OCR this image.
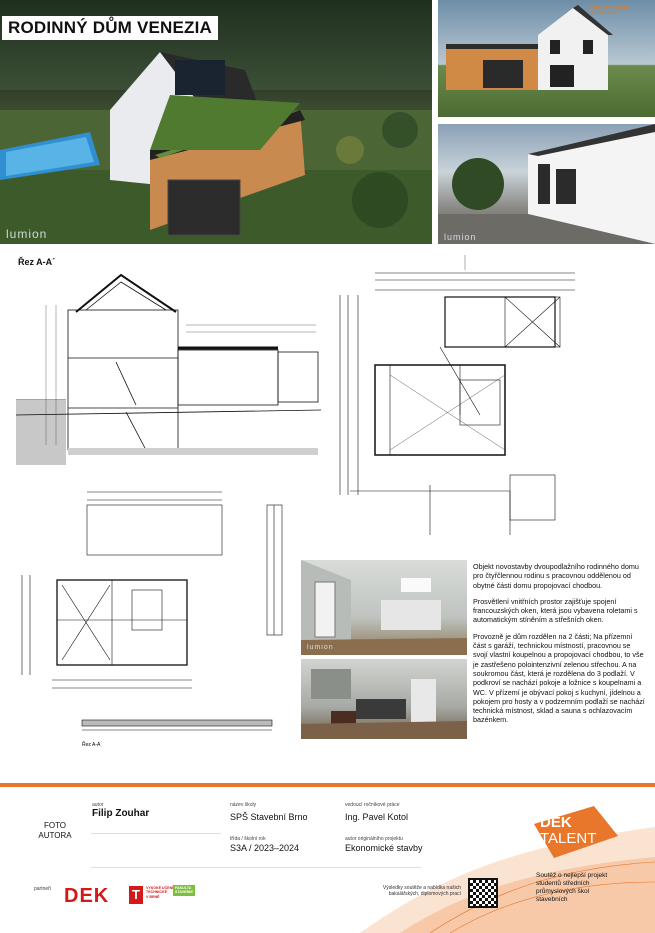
RODINNÝ DŮM VENEZIA
lumion
VÝUKOVÁ VERZE ARCHICADU
lumion
Řez A-A´
Řez A-A´
lumion

Objekt novostavby dvoupodlažního rodinného domu pro čtyřčlennou rodinu s pracovnou oddělenou od obytné části domu propojovací chodbou.

Prosvětlení vnitřních prostor zajišťuje spojení francouzských oken, která jsou vybavena roletami s automatickým stíněním a střešních oken.

Provozně je dům rozdělen na 2 části; Na přízemní část s garáží, technickou místností, pracovnou se svojí vlastní koupelnou a propojovací chodbou, to vše je zastřešeno polointenzivní zelenou střechou. A na soukromou část, která je rozdělena do 3 podlaží. V podkroví se nachází pokoje a ložnice s koupelnami a WC. V přízemí je obývací pokoj s kuchyní, jídelnou a pokojem pro hosty a v podzemním podlaží se nachází technická místnost, sklad a sauna s ochlazovacím bazénkem.

FOTO AUTORA
autor
Filip Zouhar
název školy
SPŠ Stavební Brno
třída / školní rok
S3A / 2023–2024
vedoucí ročníkové práce
Ing. Pavel Kotol
autor originálního projektu
Ekonomické stavby
partneři DEK T	VYSOKÉ UČENÍ
TECHNICKÉ
V BRNĚ
FAKULTA
STAVEBNÍ
Výsledky soutěže a nabídka našich bakalářských, diplomových prací
DEK
TALENT
Soutěž o nejlepší projekt studentů středních průmyslových škol stavebních
